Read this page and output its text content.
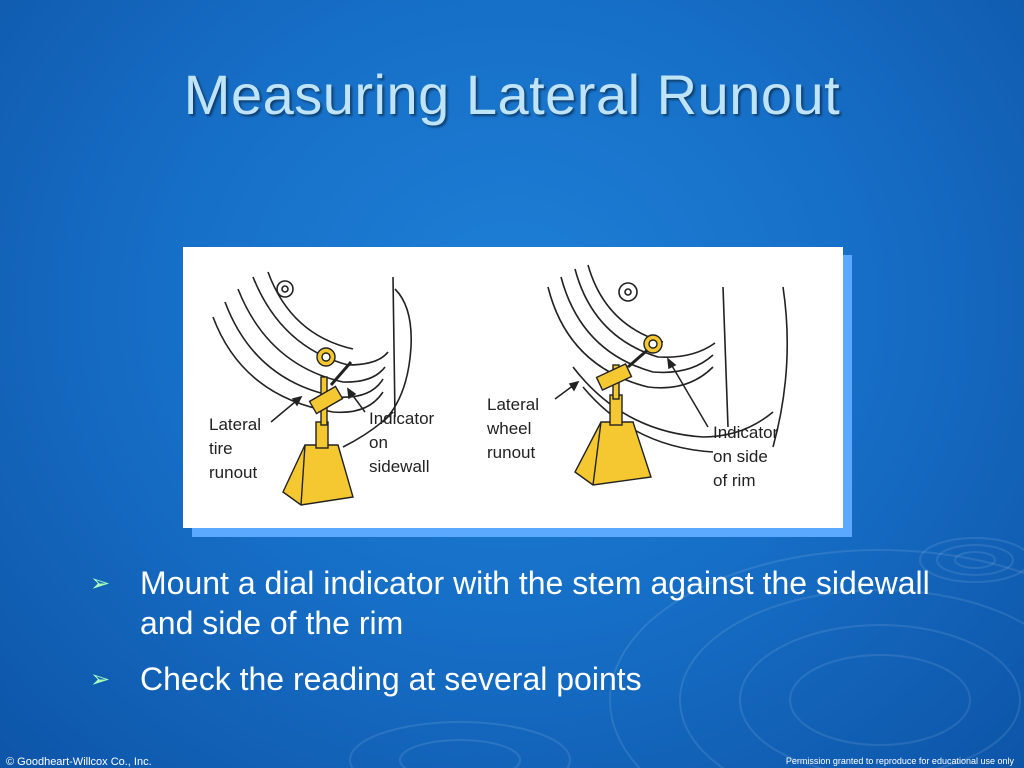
Measuring Lateral Runout
Lateral
tire
runout
Indicator
on
sidewall
Lateral
wheel
runout
Indicator
on side
of rim
➢ Mount a dial indicator with the stem against the sidewall and side of the rim
➢ Check the reading at several points
© Goodheart-Willcox Co., Inc.	Permission granted to reproduce for educational use only
